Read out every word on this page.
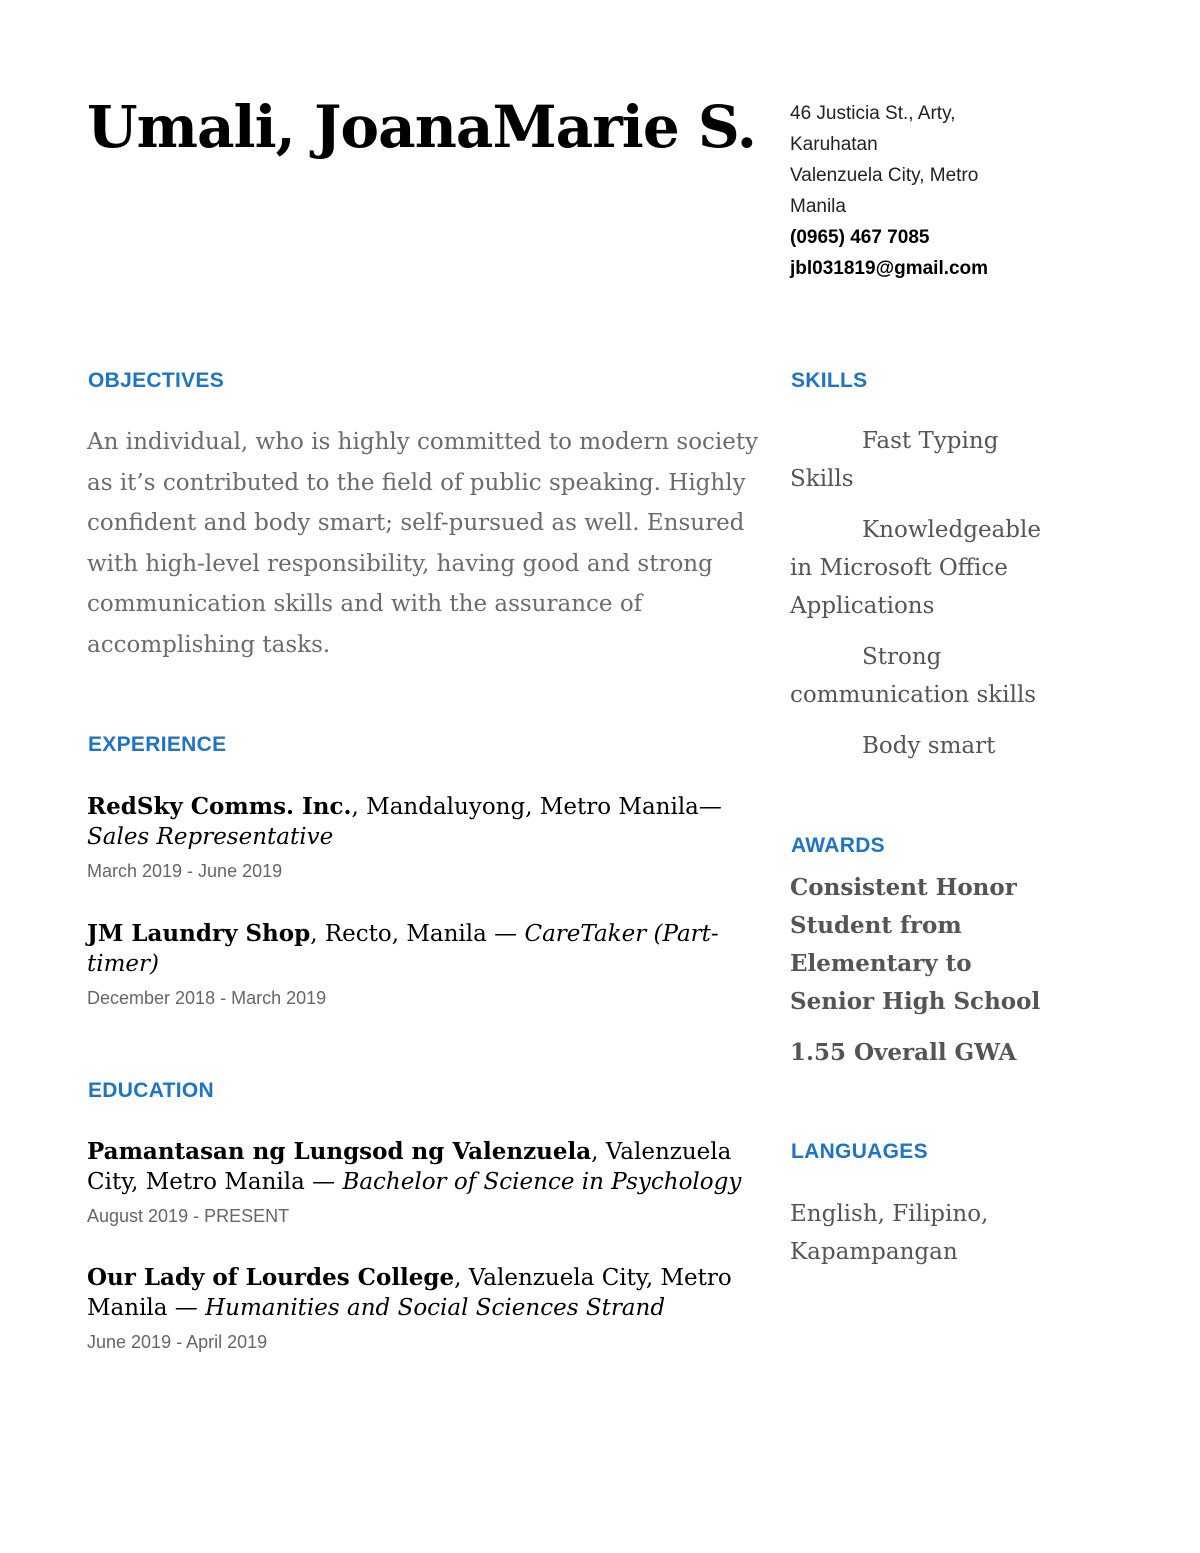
Umali, JoanaMarie S.	46 Justicia St., Arty,
Karuhatan
Valenzuela City, Metro
Manila
(0965) 467 7085
jbl031819@gmail.com
OBJECTIVES
An individual, who is highly committed to modern society as it’s contributed to the field of public speaking. Highly confident and body smart; self-pursued as well. Ensured with high-level responsibility, having good and strong communication skills and with the assurance of accomplishing tasks.
EXPERIENCE
RedSky Comms. Inc., Mandaluyong, Metro Manila— Sales Representative
March 2019 - June 2019
JM Laundry Shop, Recto, Manila — CareTaker (Part-timer)
December 2018 - March 2019
EDUCATION
Pamantasan ng Lungsod ng Valenzuela, Valenzuela City, Metro Manila — Bachelor of Science in Psychology
August 2019 - PRESENT
Our Lady of Lourdes College, Valenzuela City, Metro Manila — Humanities and Social Sciences Strand
June 2019 - April 2019
SKILLS
Fast Typing Skills
Knowledgeable in Microsoft Office Applications
Strong communication skills
Body smart
AWARDS
Consistent Honor Student from Elementary to Senior High School
1.55 Overall GWA
LANGUAGES
English, Filipino, Kapampangan
